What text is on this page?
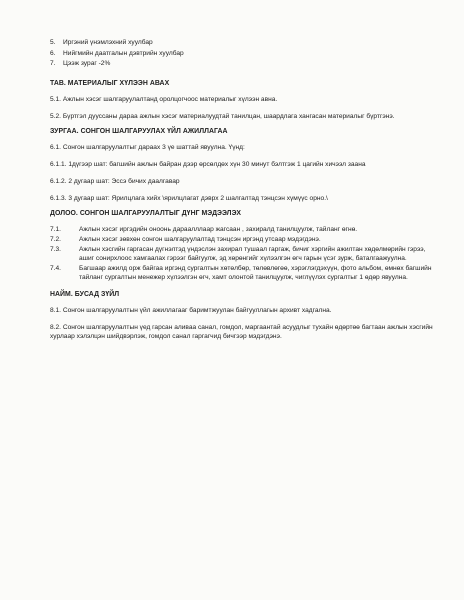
5.	Иргэний үнэмлэхний хуулбар
6.	Нийгмийн даатгалын дэвтрийн хуулбар
7.	Цээж зураг -2%
ТАВ. МАТЕРИАЛЫГ ХҮЛЭЭН АВАХ
5.1. Ажлын хэсэг шалгаруулалтанд оролцогчоос материалыг хүлээн авна.
5.2. Бүртгэл дууссаны дараа ажлын хэсэг материалуудтай танилцан, шаардлага хангасан материалыг бүртгэнэ.
ЗУРГАА. СОНГОН ШАЛГАРУУЛАХ ҮЙЛ АЖИЛЛАГАА
6.1. Сонгон шалгаруулалтыг дараах 3 үе шаттай явуулна. Үүнд:
6.1.1. 1дүгээр шат: багшийн ажлын байран дээр өрсөлдөх хүн 30 минут бэлтгэж 1 цагийн хичээл заана
6.1.2. 2 дугаар шат: Эссэ бичих даалгавар
6.1.3. 3 дугаар шат: Ярилцлага хийх \ярилцлагат дэврх 2 шалгалтад тэнцсэн хүмүүс орно.\
ДОЛОО. СОНГОН ШАЛГАРУУЛАЛТЫГ ДҮНГ МЭДЭЭЛЭХ
7.1.	Ажлын хэсэг иргэдийн оноонь дараалллаар жагсаан , захиралд танилцуулж, тайланг өгнө.
7.2.	Ажлын хэсэг зөвхөн сонгон шалгаруулалтад тэнцсэн иргэнд утсаар мэдэгдэнэ.
7.3.	Ажлын хэсгийн гаргасан дүгнэлтэд үндэслэн захирал тушаал гаргаж, бичиг хэргийн ажилтан хөдөлмөрийн гэрээ, ашиг сонирхлоос хамгаалах гэрээг байгуулж, эд хөрөнгийг хүлээлгэн өгч гарын үсэг зурж, баталгаажуулна.
7.4.	Багшаар ажилд орж байгаа иргэнд сургалтын хөтөлбөр, төлөвлөгөө, хэрэглэгдэхүүн, фото альбом, өмнөх багшийн тайланг сургалтын менежер хүлээлгэн өгч, хамт олонтой танилцуулж, чиглүүлэх сургалтыг 1 өдөр явуулна.
НАЙМ. БУСАД ЗҮЙЛ
8.1. Сонгон шалгаруулалтын үйл ажиллагааг баримтжуулан байгууллагын архивт хадгална.
8.2. Сонгон шалгаруулалтын үед гарсан аливаа санал, гомдол, маргаантай асуудлыг тухайн өдөртөө багтаан ажлын хэсгийн хурлаар хэлэлцэн шийдвэрлэж, гомдол санал гаргагчид бичгээр мэдэгдэнэ.
